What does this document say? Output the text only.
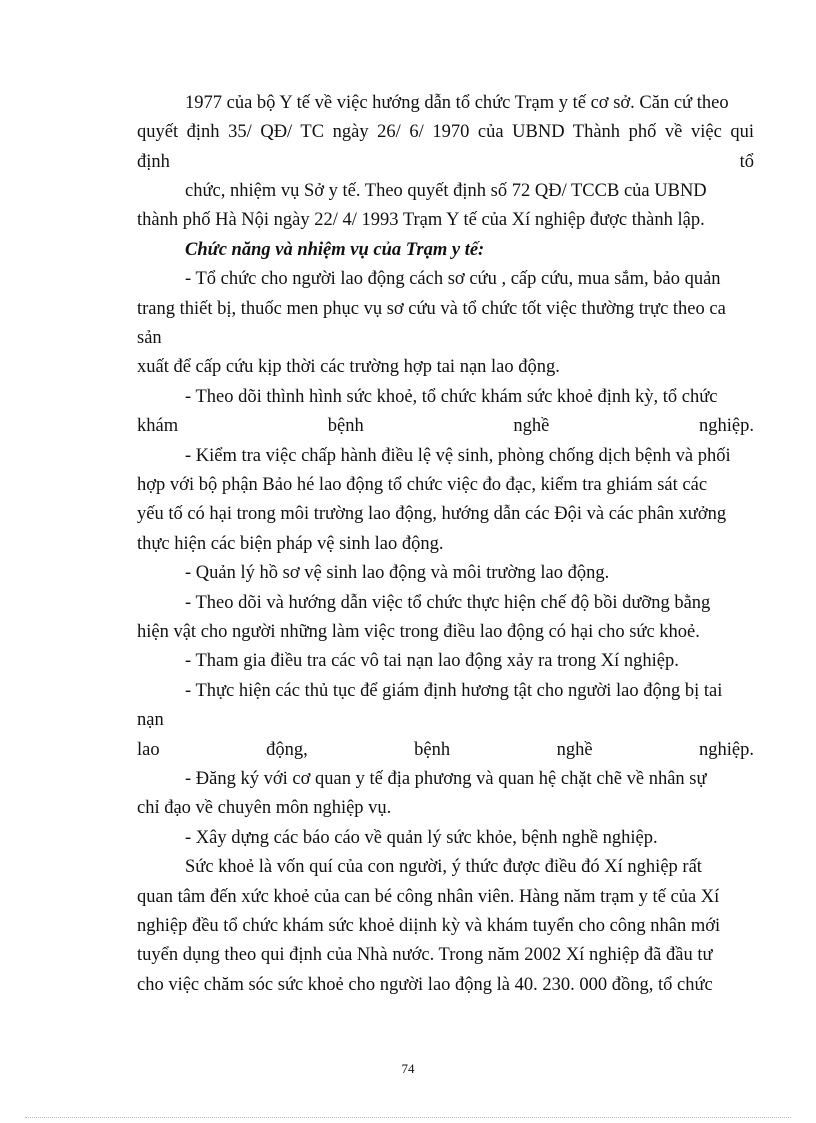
1977 của bộ Y tế về việc hướng dẫn tổ chức Trạm y tế cơ sở. Căn cứ theo
quyết định 35/ QĐ/ TC ngày 26/ 6/ 1970 của UBND Thành phố về việc qui
định	tổ
chức, nhiệm vụ Sở y tế. Theo quyết định số 72 QĐ/ TCCB của UBND
thành phố Hà Nội ngày 22/ 4/ 1993 Trạm Y tế của Xí nghiệp được thành lập.
Chức năng và nhiệm vụ của Trạm y tế:
- Tổ chức cho người lao động cách sơ cứu , cấp cứu, mua sắm, bảo quản
trang thiết bị, thuốc men phục vụ sơ cứu và tổ chức tốt việc thường trực theo ca
sản
xuất để cấp cứu kịp thời các trường hợp tai nạn lao động.
- Theo dõi thình hình sức khoẻ, tổ chức khám sức khoẻ định kỳ, tổ chức
khám bệnh nghề nghiệp.
- Kiểm tra việc chấp hành điều lệ vệ sinh, phòng chống dịch bệnh và phối
hợp với bộ phận Bảo hé lao động tổ chức việc đo đạc, kiểm tra ghiám sát các
yếu tố có hại trong môi trường lao động, hướng dẫn các Đội và các phân xưởng
thực hiện các biện pháp vệ sinh lao động.
- Quản lý hồ sơ vệ sinh lao động và môi trường lao động.
- Theo dõi và hướng dẫn việc tổ chức thực hiện chế độ bồi dưỡng bằng
hiện vật cho người những làm việc trong điều lao động có hại cho sức khoẻ.
- Tham gia điều tra các vô tai nạn lao động xảy ra trong Xí nghiệp.
- Thực hiện các thủ tục để giám định hương tật cho người lao động bị tai
nạn
lao động, bệnh nghề nghiệp.
- Đăng ký với cơ quan y tế địa phương và quan hệ chặt chẽ về nhân sự
chỉ đạo về chuyên môn nghiệp vụ.
- Xây dựng các báo cáo về quản lý sức khỏe, bệnh nghề nghiệp.
Sức khoẻ là vốn quí của con người, ý thức được điều đó Xí nghiệp rất
quan tâm đến xức khoẻ của can bé công nhân viên. Hàng năm trạm y tế của Xí
nghiệp đều tổ chức khám sức khoẻ diịnh kỳ và khám tuyển cho công nhân mới
tuyển dụng theo qui định của Nhà nước. Trong năm 2002 Xí nghiệp đã đầu tư
cho việc chăm sóc sức khoẻ cho người lao động là 40. 230. 000 đồng, tổ chức
74
